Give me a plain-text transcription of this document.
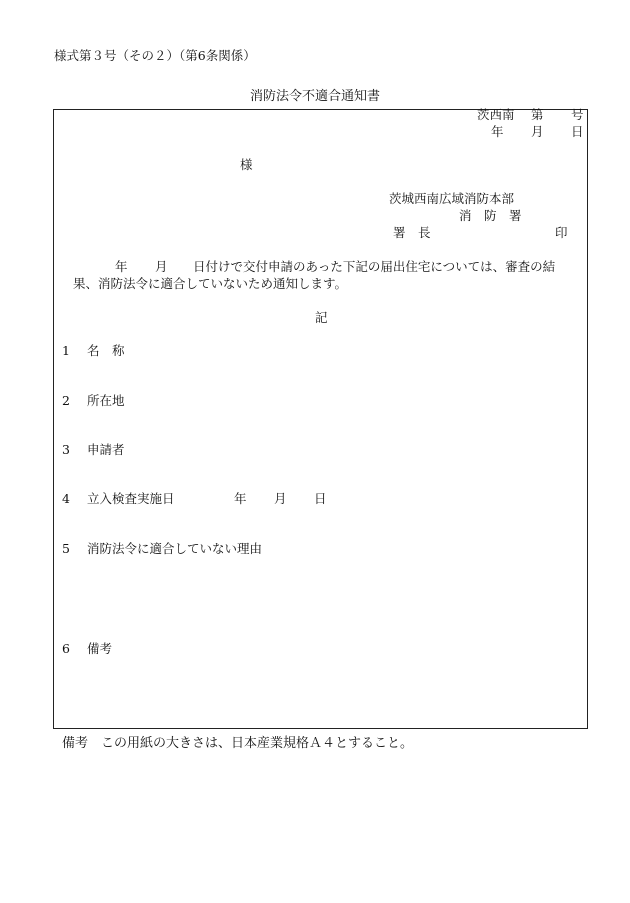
様式第３号（その２）（第6条関係）
消防法令不適合通知書
茨西南 第 号
年 月 日
様
茨城西南広域消防本部
消　防　署
署　長	印
年 月 日付けで交付申請のあった下記の届出住宅については、審査の結
果、消防法令に適合していないため通知します。
記
1 名　称
2 所在地
3 申請者
4 立入検査実施日	年 月 日
5 消防法令に適合していない理由
6 備考
備考　この用紙の大きさは、日本産業規格Ａ４とすること。
